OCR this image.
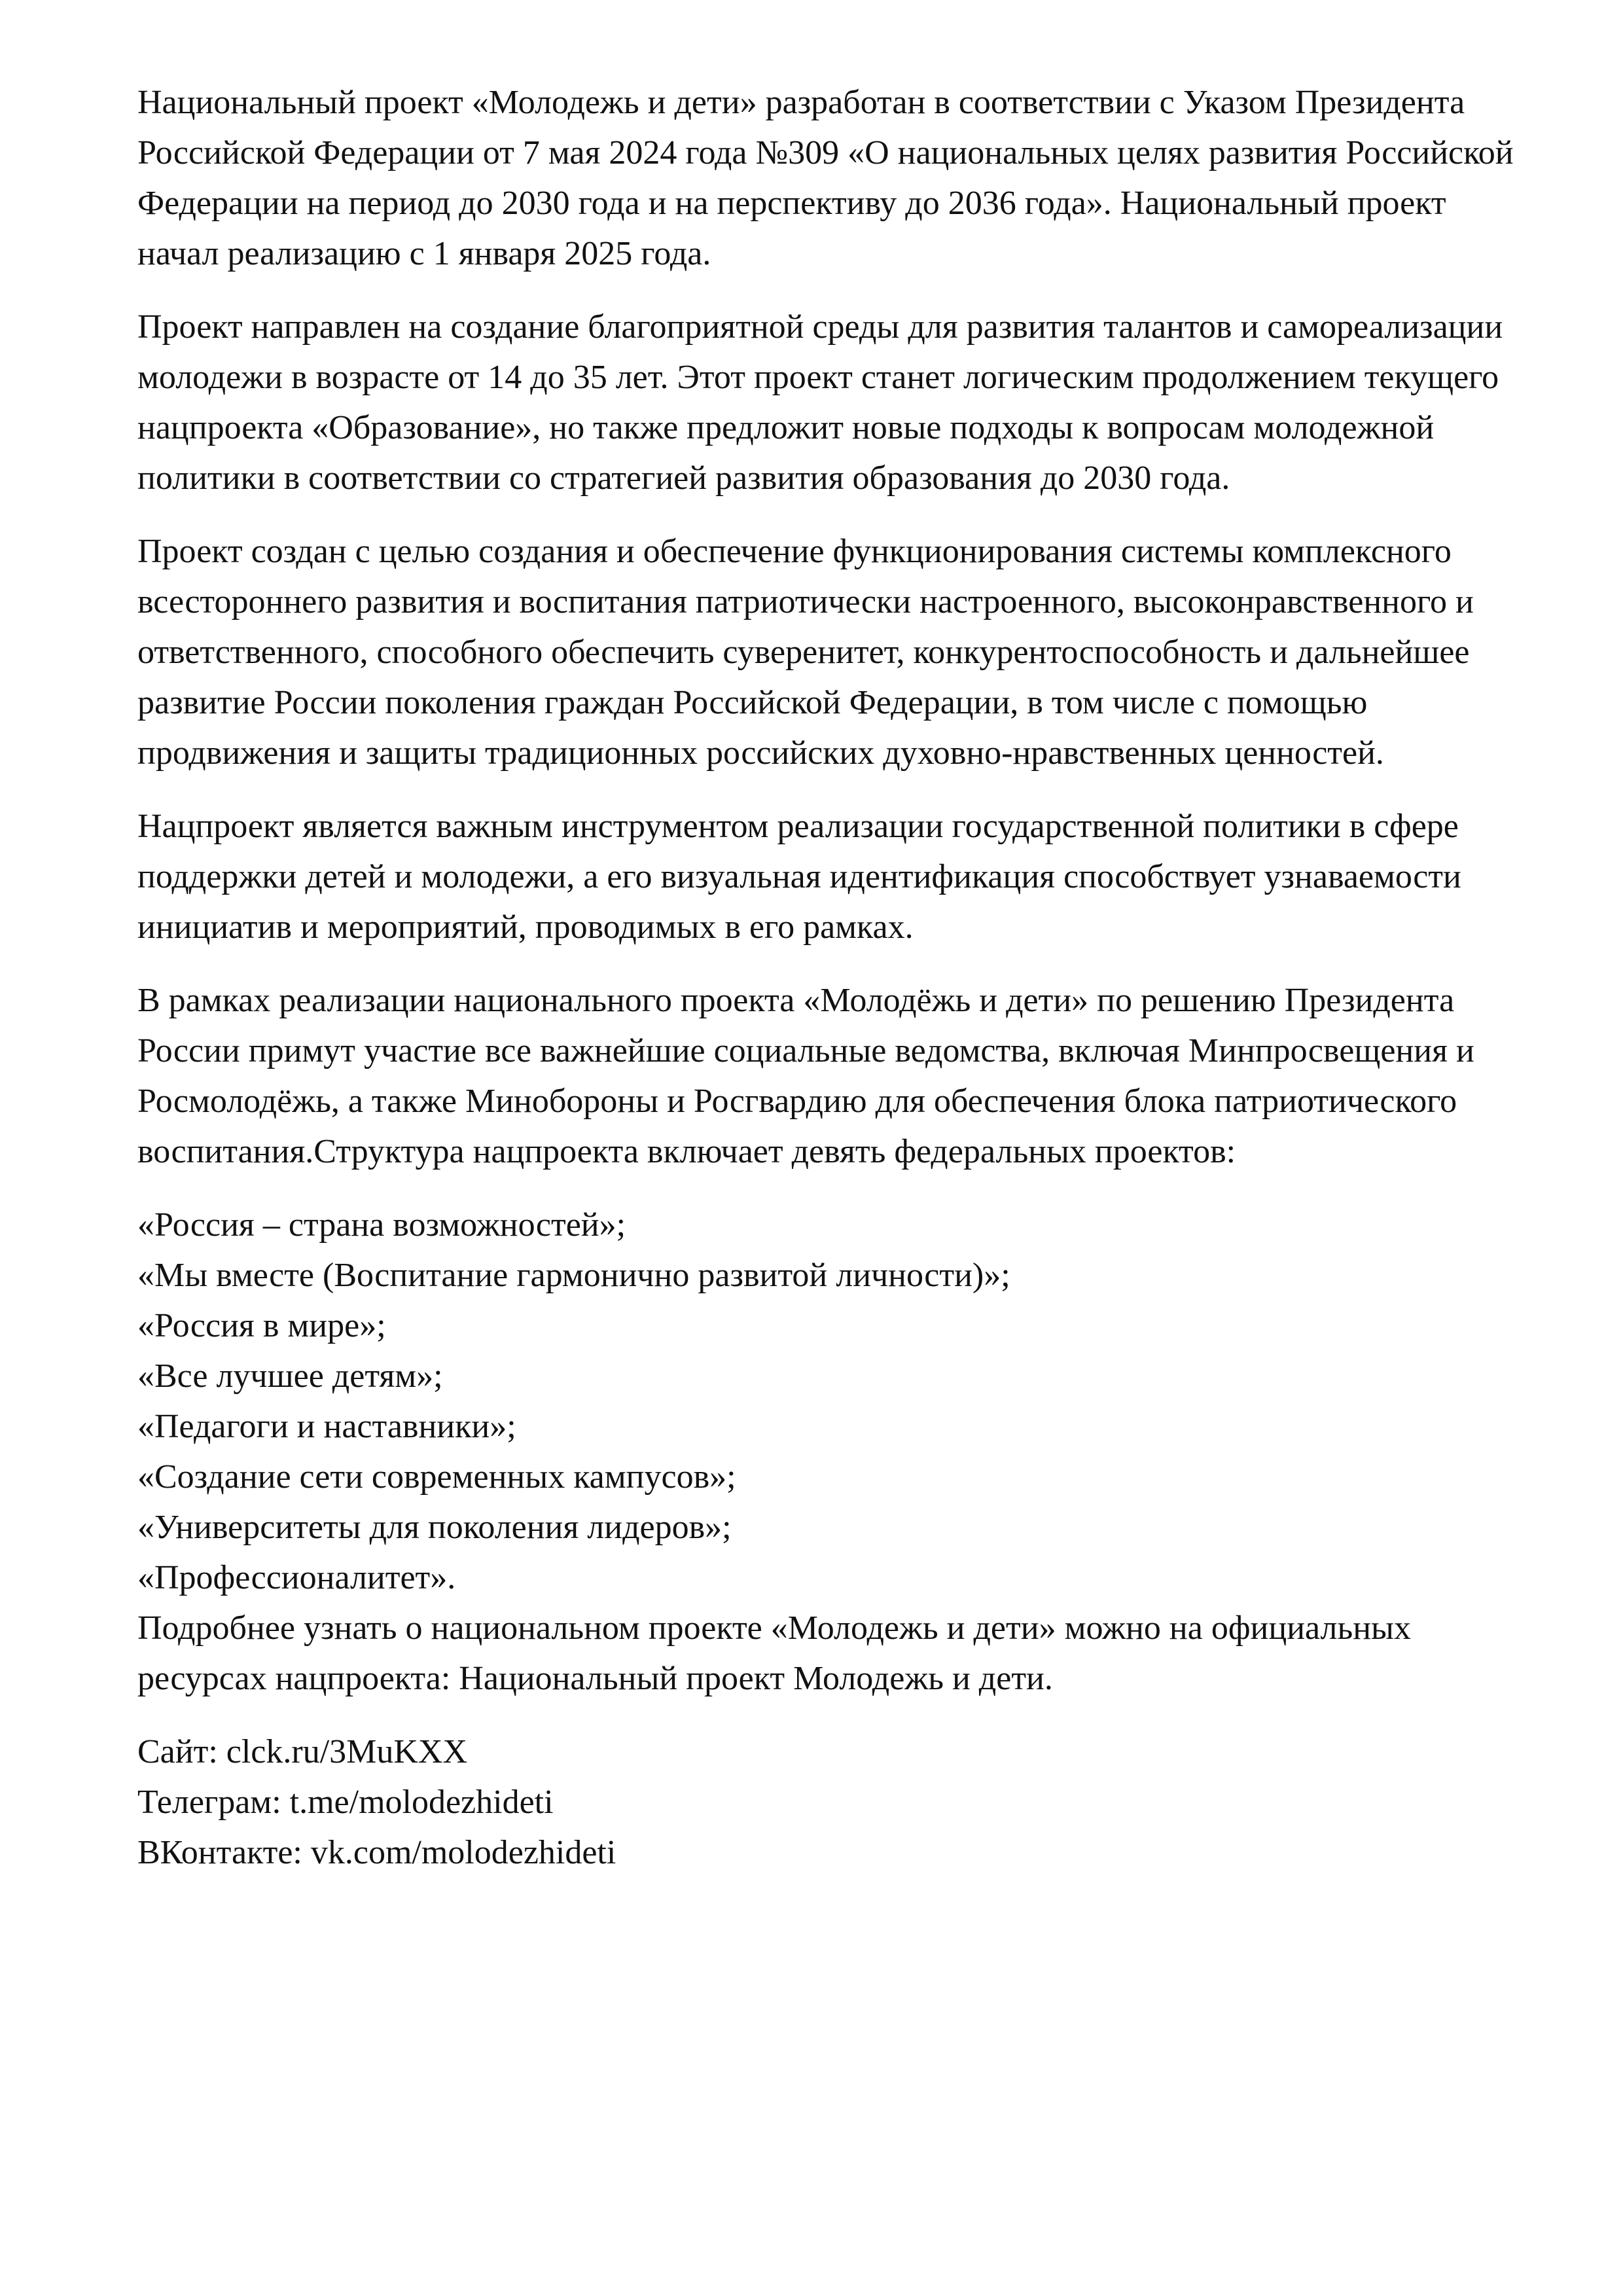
Национальный проект «Молодежь и дети» разработан в соответствии с Указом Президента Российской Федерации от 7 мая 2024 года №309 «О национальных целях развития Российской Федерации на период до 2030 года и на перспективу до 2036 года». Национальный проект начал реализацию с 1 января 2025 года.

Проект направлен на создание благоприятной среды для развития талантов и самореализации молодежи в возрасте от 14 до 35 лет. Этот проект станет логическим продолжением текущего нацпроекта «Образование», но также предложит новые подходы к вопросам молодежной политики в соответствии со стратегией развития образования до 2030 года.

Проект создан с целью создания и обеспечение функционирования системы комплексного всестороннего развития и воспитания патриотически настроенного, высоконравственного и ответственного, способного обеспечить суверенитет, конкурентоспособность и дальнейшее развитие России поколения граждан Российской Федерации, в том числе с помощью продвижения и защиты традиционных российских духовно-нравственных ценностей.

Нацпроект является важным инструментом реализации государственной политики в сфере поддержки детей и молодежи, а его визуальная идентификация способствует узнаваемости инициатив и мероприятий, проводимых в его рамках.

В рамках реализации национального проекта «Молодёжь и дети» по решению Президента России примут участие все важнейшие социальные ведомства, включая Минпросвещения и Росмолодёжь, а также Минобороны и Росгвардию для обеспечения блока патриотического воспитания.Структура нацпроекта включает девять федеральных проектов:

«Россия – страна возможностей»;
«Мы вместе (Воспитание гармонично развитой личности)»;
«Россия в мире»;
«Все лучшее детям»;
«Педагоги и наставники»;
«Создание сети современных кампусов»;
«Университеты для поколения лидеров»;
«Профессионалитет».

Подробнее узнать о национальном проекте «Молодежь и дети» можно на официальных ресурсах нацпроекта: Национальный проект Молодежь и дети.

Сайт: clck.ru/3MuKXX
Телеграм: t.me/molodezhideti
ВКонтакте: vk.com/molodezhideti
